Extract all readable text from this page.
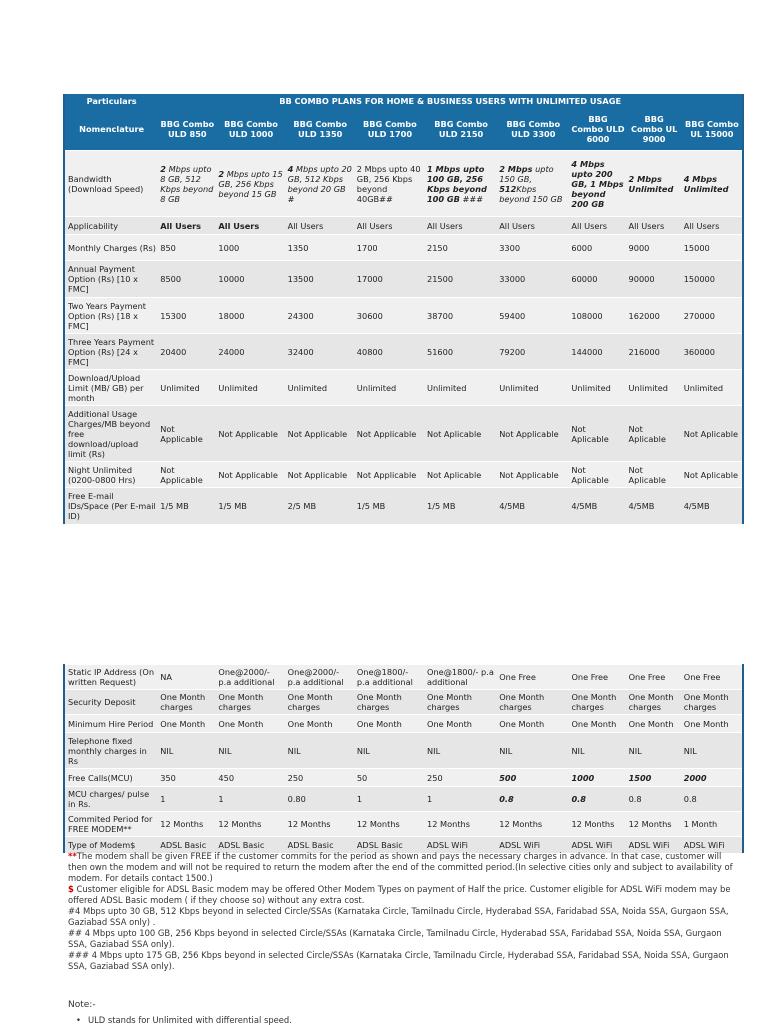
Particulars	BB COMBO PLANS FOR HOME & BUSINESS USERS WITH UNLIMITED USAGE								
Nomenclature	BBG Combo ULD 850	BBG Combo ULD 1000	BBG Combo ULD 1350	BBG Combo ULD 1700	BBG Combo ULD 2150	BBG Combo ULD 3300	BBG Combo ULD 6000	BBG Combo UL 9000	BBG Combo UL 15000
Bandwidth (Download Speed)	2 Mbps upto 8 GB, 512 Kbps beyond 8 GB	2 Mbps upto 15 GB, 256 Kbps beyond 15 GB	4 Mbps upto 20 GB, 512 Kbps beyond 20 GB #	2 Mbps upto 40 GB, 256 Kbps beyond 40GB##	1 Mbps upto 100 GB, 256 Kbps beyond 100 GB ###	2 Mbps upto 150 GB, 512Kbps beyond 150 GB	4 Mbps upto 200 GB, 1 Mbps beyond 200 GB	2 Mbps Unlimited	4 Mbps Unlimited
Applicability	All Users	All Users	All Users	All Users	All Users	All Users	All Users	All Users	All Users
Monthly Charges (Rs)	850	1000	1350	1700	2150	3300	6000	9000	15000
Annual Payment Option (Rs) [10 x FMC]	8500	10000	13500	17000	21500	33000	60000	90000	150000
Two Years Payment Option (Rs) [18 x FMC]	15300	18000	24300	30600	38700	59400	108000	162000	270000
Three Years Payment Option (Rs) [24 x FMC]	20400	24000	32400	40800	51600	79200	144000	216000	360000
Download/Upload Limit (MB/ GB) per month	Unlimited	Unlimited	Unlimited	Unlimited	Unlimited	Unlimited	Unlimited	Unlimited	Unlimited
Additional Usage Charges/MB beyond free download/upload limit (Rs)	Not Applicable	Not Applicable	Not Applicable	Not Applicable	Not Aplicable	Not Applicable	Not Aplicable	Not Aplicable	Not Aplicable
Night Unlimited (0200-0800 Hrs)	Not Applicable	Not Applicable	Not Applicable	Not Applicable	Not Aplicable	Not Applicable	Not Aplicable	Not Aplicable	Not Aplicable
Free E-mail IDs/Space (Per E-mail ID)	1/5 MB	1/5 MB	2/5 MB	1/5 MB	1/5 MB	4/5MB	4/5MB	4/5MB	4/5MB
Static IP Address (On written Request)	NA	One@2000/- p.a additional	One@2000/- p.a additional	One@1800/- p.a additional	One@1800/- p.a additional	One Free	One Free	One Free	One Free
Security Deposit	One Month charges	One Month charges	One Month charges	One Month charges	One Month charges	One Month charges	One Month charges	One Month charges	One Month charges
Minimum Hire Period	One Month	One Month	One Month	One Month	One Month	One Month	One Month	One Month	One Month
Telephone fixed monthly charges in Rs	NIL	NIL	NIL	NIL	NIL	NIL	NIL	NIL	NIL
Free Calls(MCU)	350	450	250	50	250	500	1000	1500	2000
MCU charges/ pulse in Rs.	1	1	0.80	1	1	0.8	0.8	0.8	0.8
Commited Period for FREE MODEM**	12 Months	12 Months	12 Months	12 Months	12 Months	12 Months	12 Months	12 Months	1 Month
Type of Modem$	ADSL Basic	ADSL Basic	ADSL Basic	ADSL Basic	ADSL WiFi	ADSL WiFi	ADSL WiFi	ADSL WiFi	ADSL WiFi

**The modem shall be given FREE if the customer commits for the period as shown and pays the necessary charges in advance. In that case, customer will then own the modem and will not be required to return the modem after the end of the committed period.(In selective cities only and subject to availability of modem. For details contact 1500.)

$ Customer eligible for ADSL Basic modem may be offered Other Modem Types on payment of Half the price. Customer eligible for ADSL WiFi modem may be offered ADSL Basic modem ( if they choose so) without any extra cost.

#4 Mbps upto 30 GB, 512 Kbps beyond in selected Circle/SSAs (Karnataka Circle, Tamilnadu Circle, Hyderabad SSA, Faridabad SSA, Noida SSA, Gurgaon SSA, Gaziabad SSA only) .

## 4 Mbps upto 100 GB, 256 Kbps beyond in selected Circle/SSAs (Karnataka Circle, Tamilnadu Circle, Hyderabad SSA, Faridabad SSA, Noida SSA, Gurgaon SSA, Gaziabad SSA only).

### 4 Mbps upto 175 GB, 256 Kbps beyond in selected Circle/SSAs (Karnataka Circle, Tamilnadu Circle, Hyderabad SSA, Faridabad SSA, Noida SSA, Gurgaon SSA, Gaziabad SSA only).

Note:-
• ULD stands for Unlimited with differential speed.
